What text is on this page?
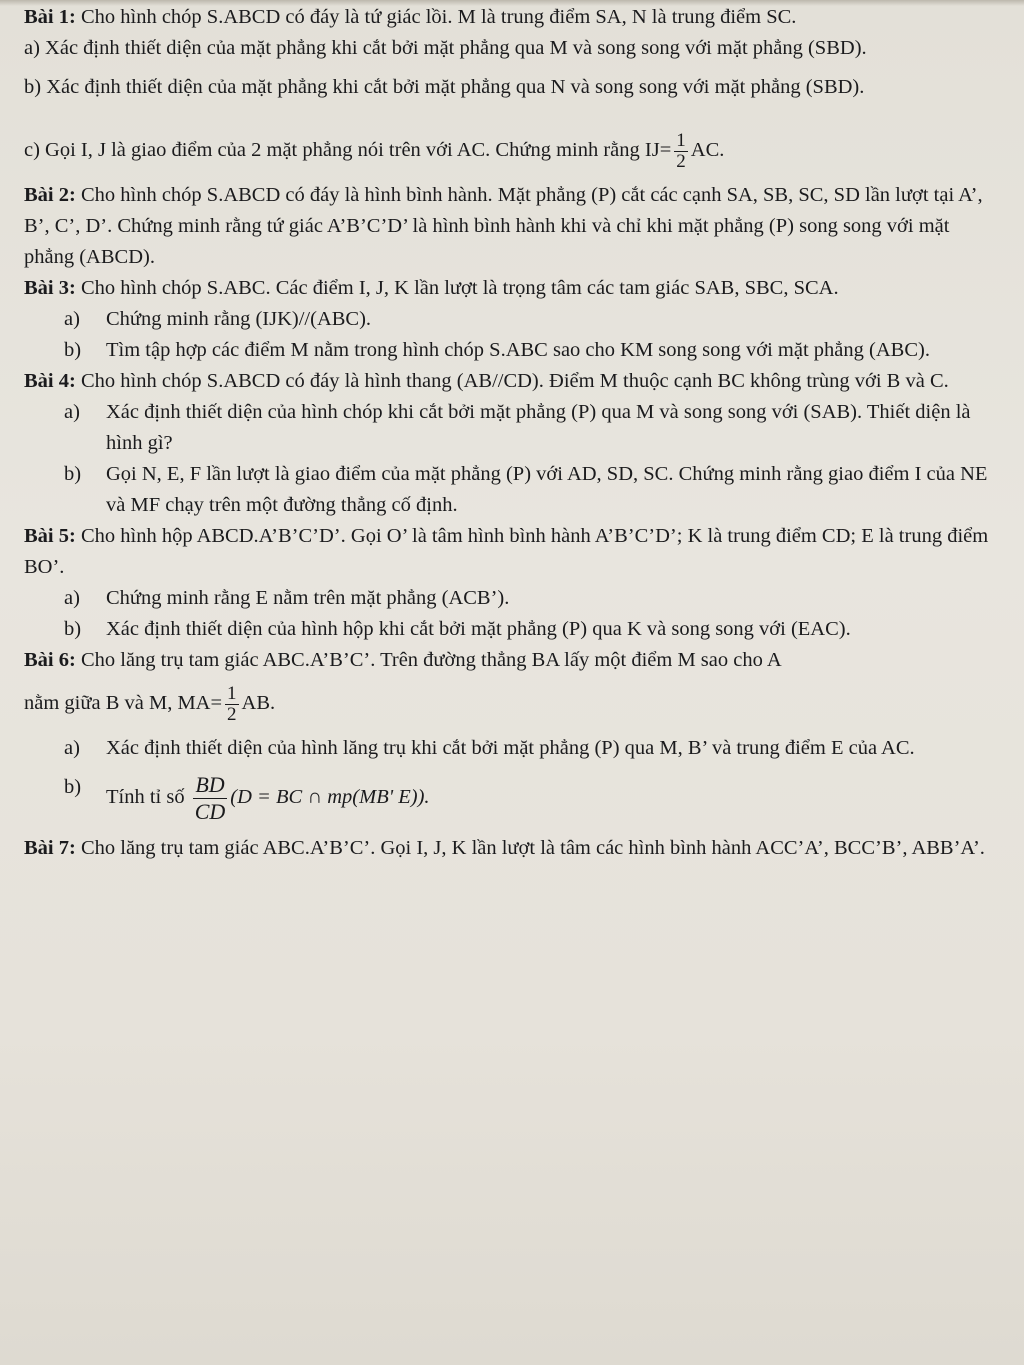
Bài 1: Cho hình chóp S.ABCD có đáy là tứ giác lồi. M là trung điểm SA, N là trung điểm SC.

a) Xác định thiết diện của mặt phẳng khi cắt bởi mặt phẳng qua M và song song với mặt phẳng (SBD).

b) Xác định thiết diện của mặt phẳng khi cắt bởi mặt phẳng qua N và song song với mặt phẳng (SBD).

c) Gọi I, J là giao điểm của 2 mặt phẳng nói trên với AC. Chứng minh rằng $IJ= \frac{1}{2}$ AC.

Bài 2: Cho hình chóp S.ABCD có đáy là hình bình hành. Mặt phẳng (P) cắt các cạnh SA, SB, SC, SD lần lượt tại A’, B’, C’, D’. Chứng minh rằng tứ giác A’B’C’D’ là hình bình hành khi và chỉ khi mặt phẳng (P) song song với mặt phẳng (ABCD).

Bài 3: Cho hình chóp S.ABC. Các điểm I, J, K lần lượt là trọng tâm các tam giác SAB, SBC, SCA.

a)	Chứng minh rằng (IJK)//(ABC).
b)	Tìm tập hợp các điểm M nằm trong hình chóp S.ABC sao cho KM song song với mặt phẳng (ABC).

Bài 4: Cho hình chóp S.ABCD có đáy là hình thang (AB//CD). Điểm M thuộc cạnh BC không trùng với B và C.

a)	Xác định thiết diện của hình chóp khi cắt bởi mặt phẳng (P) qua M và song song với (SAB). Thiết diện là hình gì?
b)	Gọi N, E, F lần lượt là giao điểm của mặt phẳng (P) với AD, SD, SC. Chứng minh rằng giao điểm I của NE và MF chạy trên một đường thẳng cố định.

Bài 5: Cho hình hộp ABCD.A’B’C’D’. Gọi O’ là tâm hình bình hành A’B’C’D’; K là trung điểm CD; E là trung điểm BO’.

a)	Chứng minh rằng E nằm trên mặt phẳng (ACB’).
b)	Xác định thiết diện của hình hộp khi cắt bởi mặt phẳng (P) qua K và song song với (EAC).

Bài 6: Cho lăng trụ tam giác ABC.A’B’C’. Trên đường thẳng BA lấy một điểm M sao cho A

nằm giữa B và M, $MA= \frac{1}{2}$ AB.

a)	Xác định thiết diện của hình lăng trụ khi cắt bởi mặt phẳng (P) qua M, B’ và trung điểm E của AC.
b)	Tính tỉ số $\frac{BD}{CD} (D$ = BC ∩ mp(MB' E)).

Bài 7: Cho lăng trụ tam giác ABC.A’B’C’. Gọi I, J, K lần lượt là tâm các hình bình hành ACC’A’, BCC’B’, ABB’A’.
